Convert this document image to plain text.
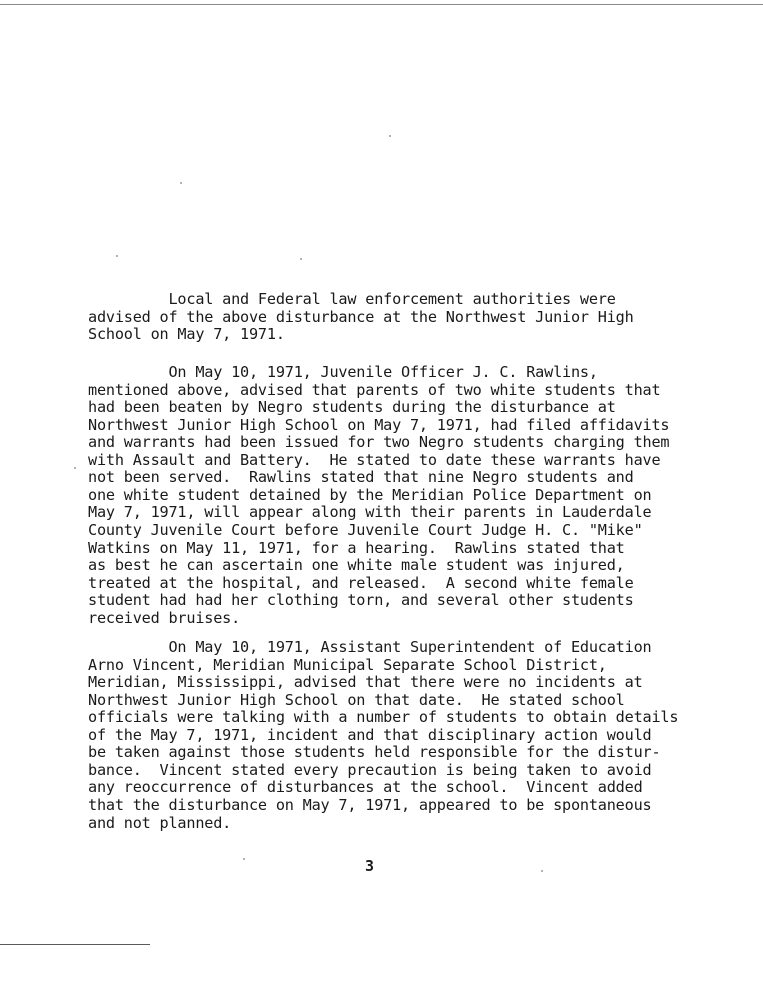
Local and Federal law enforcement authorities were
advised of the above disturbance at the Northwest Junior High
School on May 7, 1971.
On May 10, 1971, Juvenile Officer J. C. Rawlins,
mentioned above, advised that parents of two white students that
had been beaten by Negro students during the disturbance at
Northwest Junior High School on May 7, 1971, had filed affidavits
and warrants had been issued for two Negro students charging them
with Assault and Battery.  He stated to date these warrants have
not been served.  Rawlins stated that nine Negro students and
one white student detained by the Meridian Police Department on
May 7, 1971, will appear along with their parents in Lauderdale
County Juvenile Court before Juvenile Court Judge H. C. "Mike"
Watkins on May 11, 1971, for a hearing.  Rawlins stated that
as best he can ascertain one white male student was injured,
treated at the hospital, and released.  A second white female
student had had her clothing torn, and several other students
received bruises.
On May 10, 1971, Assistant Superintendent of Education
Arno Vincent, Meridian Municipal Separate School District,
Meridian, Mississippi, advised that there were no incidents at
Northwest Junior High School on that date.  He stated school
officials were talking with a number of students to obtain details
of the May 7, 1971, incident and that disciplinary action would
be taken against those students held responsible for the distur-
bance.  Vincent stated every precaution is being taken to avoid
any reoccurrence of disturbances at the school.  Vincent added
that the disturbance on May 7, 1971, appeared to be spontaneous
and not planned.
3
